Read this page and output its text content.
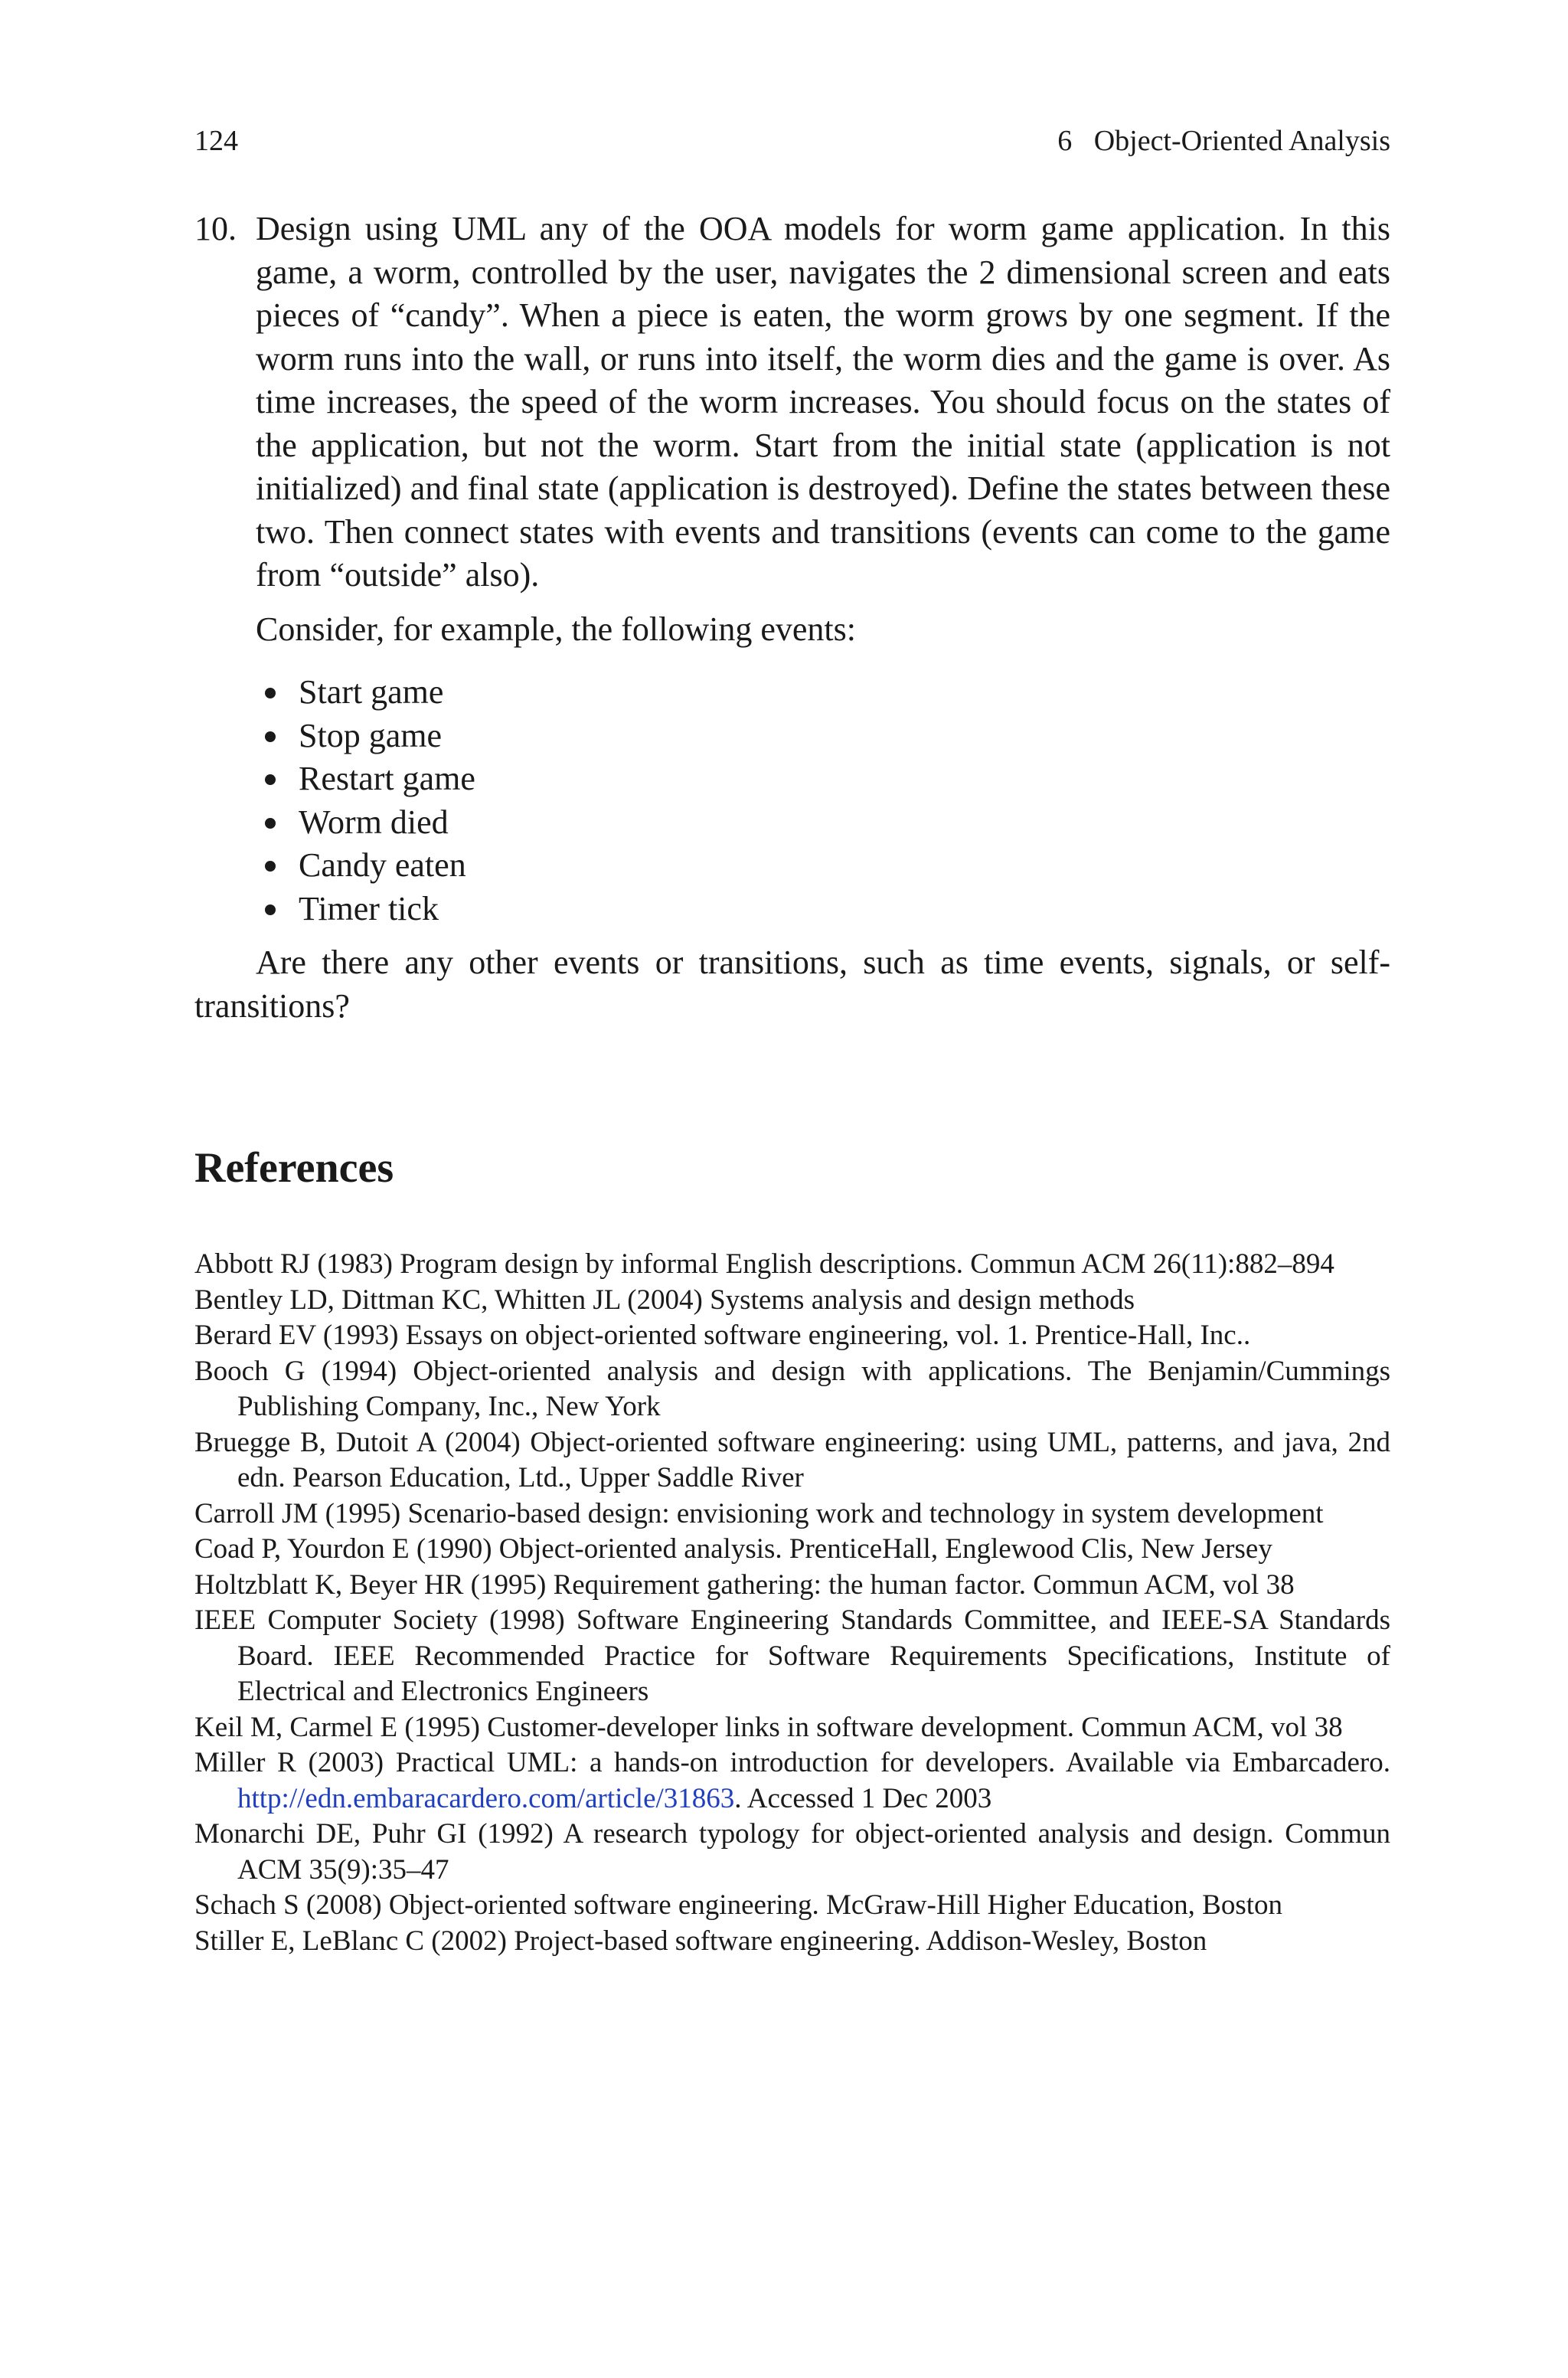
124	6   Object-Oriented Analysis
10. Design using UML any of the OOA models for worm game application. In this game, a worm, controlled by the user, navigates the 2 dimensional screen and eats pieces of “candy”. When a piece is eaten, the worm grows by one segment. If the worm runs into the wall, or runs into itself, the worm dies and the game is over. As time increases, the speed of the worm increases. You should focus on the states of the application, but not the worm. Start from the initial state (application is not initialized) and final state (application is destroyed). Define the states between these two. Then connect states with events and transitions (events can come to the game from “outside” also).
Consider, for example, the following events:
Start game
Stop game
Restart game
Worm died
Candy eaten
Timer tick
Are there any other events or transitions, such as time events, signals, or self-transitions?
References
Abbott RJ (1983) Program design by informal English descriptions. Commun ACM 26(11):882–894
Bentley LD, Dittman KC, Whitten JL (2004) Systems analysis and design methods
Berard EV (1993) Essays on object-oriented software engineering, vol. 1. Prentice-Hall, Inc..
Booch G (1994) Object-oriented analysis and design with applications. The Benjamin/Cummings Publishing Company, Inc., New York
Bruegge B, Dutoit A (2004) Object-oriented software engineering: using UML, patterns, and java, 2nd edn. Pearson Education, Ltd., Upper Saddle River
Carroll JM (1995) Scenario-based design: envisioning work and technology in system development
Coad P, Yourdon E (1990) Object-oriented analysis. PrenticeHall, Englewood Clis, New Jersey
Holtzblatt K, Beyer HR (1995) Requirement gathering: the human factor. Commun ACM, vol 38
IEEE Computer Society (1998) Software Engineering Standards Committee, and IEEE-SA Standards Board. IEEE Recommended Practice for Software Requirements Specifications, Institute of Electrical and Electronics Engineers
Keil M, Carmel E (1995) Customer-developer links in software development. Commun ACM, vol 38
Miller R (2003) Practical UML: a hands-on introduction for developers. Available via Embarcadero. http://edn.embaracardero.com/article/31863. Accessed 1 Dec 2003
Monarchi DE, Puhr GI (1992) A research typology for object-oriented analysis and design. Commun ACM 35(9):35–47
Schach S (2008) Object-oriented software engineering. McGraw-Hill Higher Education, Boston
Stiller E, LeBlanc C (2002) Project-based software engineering. Addison-Wesley, Boston
